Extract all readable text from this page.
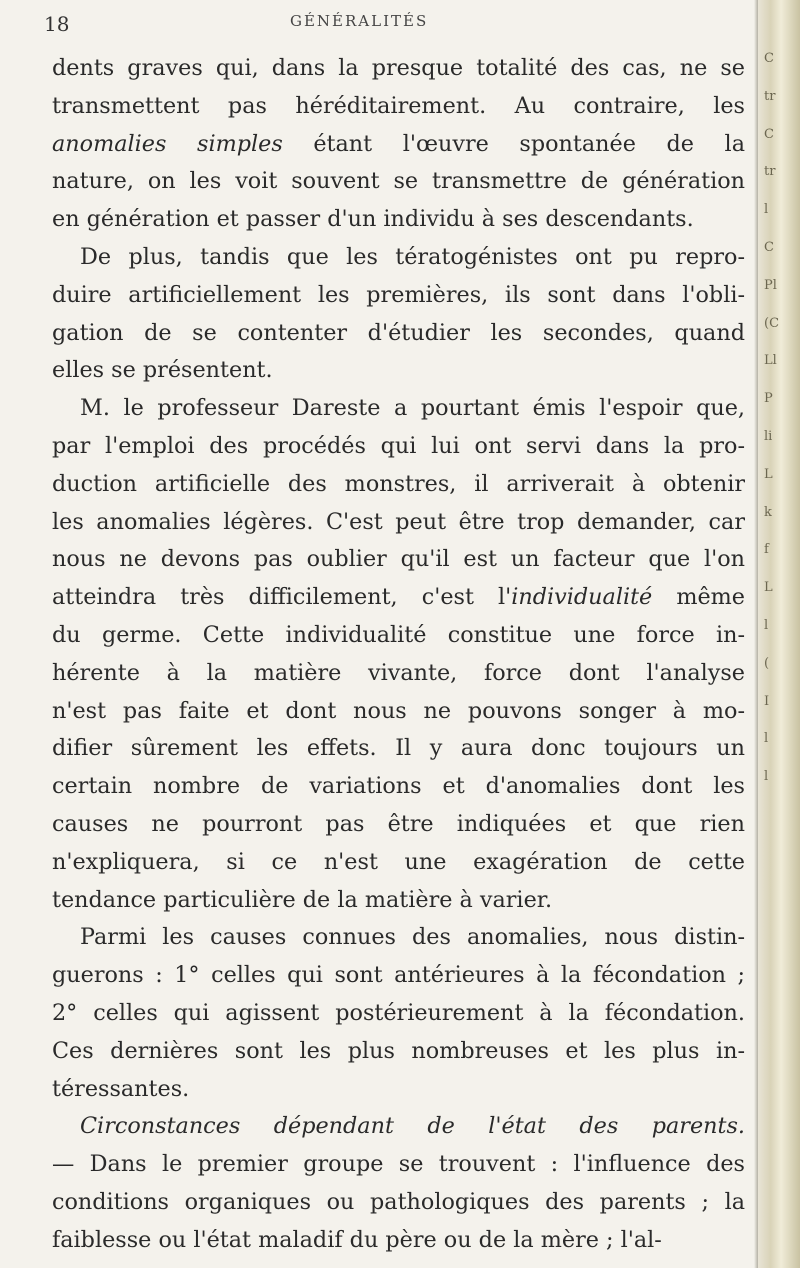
18	GÉNÉRALITÉS
dents graves qui, dans la presque totalité des cas, ne se
transmettent pas héréditairement. Au contraire, les
anomalies simples étant l'œuvre spontanée de la
nature, on les voit souvent se transmettre de génération
en génération et passer d'un individu à ses descendants.
De plus, tandis que les tératogénistes ont pu repro-
duire artificiellement les premières, ils sont dans l'obli-
gation de se contenter d'étudier les secondes, quand
elles se présentent.
M. le professeur Dareste a pourtant émis l'espoir que,
par l'emploi des procédés qui lui ont servi dans la pro-
duction artificielle des monstres, il arriverait à obtenir
les anomalies légères. C'est peut être trop demander, car
nous ne devons pas oublier qu'il est un facteur que l'on
atteindra très difficilement, c'est l'individualité même
du germe. Cette individualité constitue une force in-
hérente à la matière vivante, force dont l'analyse
n'est pas faite et dont nous ne pouvons songer à mo-
difier sûrement les effets. Il y aura donc toujours un
certain nombre de variations et d'anomalies dont les
causes ne pourront pas être indiquées et que rien
n'expliquera, si ce n'est une exagération de cette
tendance particulière de la matière à varier.
Parmi les causes connues des anomalies, nous distin-
guerons : 1° celles qui sont antérieures à la fécondation ;
2° celles qui agissent postérieurement à la fécondation.
Ces dernières sont les plus nombreuses et les plus in-
téressantes.
Circonstances dépendant de l'état des parents.
— Dans le premier groupe se trouvent : l'influence des
conditions organiques ou pathologiques des parents ; la
faiblesse ou l'état maladif du père ou de la mère ; l'al-
C
tr
C
tr
l
C
Pl
(C
Ll
P
li
L
k
f
L
l
(
I
l
l
